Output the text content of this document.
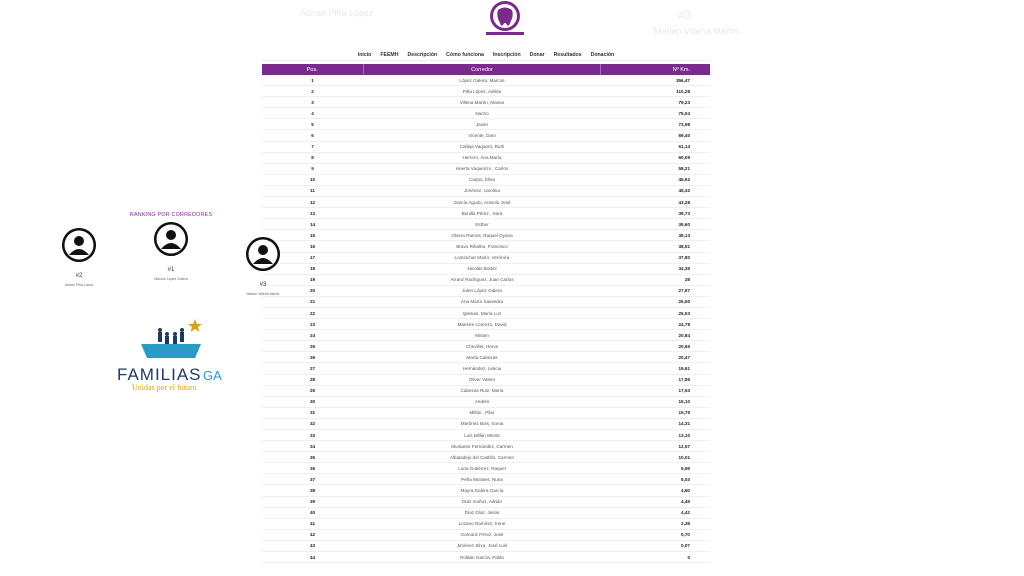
Adrián Piña López	#3
Marian Villena Martín
Inicio FEEMH Descripción Cómo funciona Inscripción Donar Resultados Donación
Pos.	Corredor	Nº Km.
1	López Galera, Marcos	356,47
2	Piña López, Adrián	110,28
3	Villena Martín, Marian	79,23
4	Nacho	75,04
5	Javier	73,98
6	Vicente, Dani	69,40
7	Calleja Vaquero, Ruth	61,14
8	Herrero, Ana María	60,09
9	Huerta Vaquerizo , Carlos	58,21
10	Carpio, Elisa	45,62
11	Jiménez, carolina	45,32
12	García Agudo, Antonio José	43,28
13	Bonilla Pérez , Sara	39,73
14	Esther	39,60
15	Olvera Ramos, Raquel Oyana	39,13
16	Bravo Ribalbo, Francisco	38,51
17	Lominchar Marín, Verónica	37,80
18	Nicolás Bottini	34,35
19	Arranz Rodríguez, Juan Carlos	28
20	Julen López Galera	27,97
21	Ana María Saavedra	26,50
22	Iglesias, María Luz	25,53
23	Maestre Lorenzo, David	24,78
24	Miriam	20,84
25	Chevillet, Herve	20,65
26	Marta Cabezas	20,47
27	Hernández, Leticia	19,61
28	Oliver Valero	17,86
29	Cabezas Ruiz, María	17,53
30	Andrés	15,10
31	Millán , Pilar	15,76
32	Martínez Bois, Sonia	14,31
33	Luis Millán Monte	13,10
34	Muntaner Fernández, Carmen	12,57
35	Albaladejo del Castillo, Carmen	10,01
36	Luna Gutiérrez, Raquel	5,59
37	Peña Morales, Nuria	5,03
38	Mayra Galera García	4,60
39	Díaz muñoz, Adrián	4,49
40	Díaz Díaz, Jesús	4,42
41	Lozano Ramírez, Irene	2,38
42	Gomariz Pérez, José	0,70
43	Jiménez Silva, José Luis	0,07
44	Roldán García, Pablo	0
RANKING POR CORREDORES
#1
Marcos López Galera
#2
Adrián Piña López	#3
Marian Villena Martín
FAMILIAS GA
Unidas por el futuro
